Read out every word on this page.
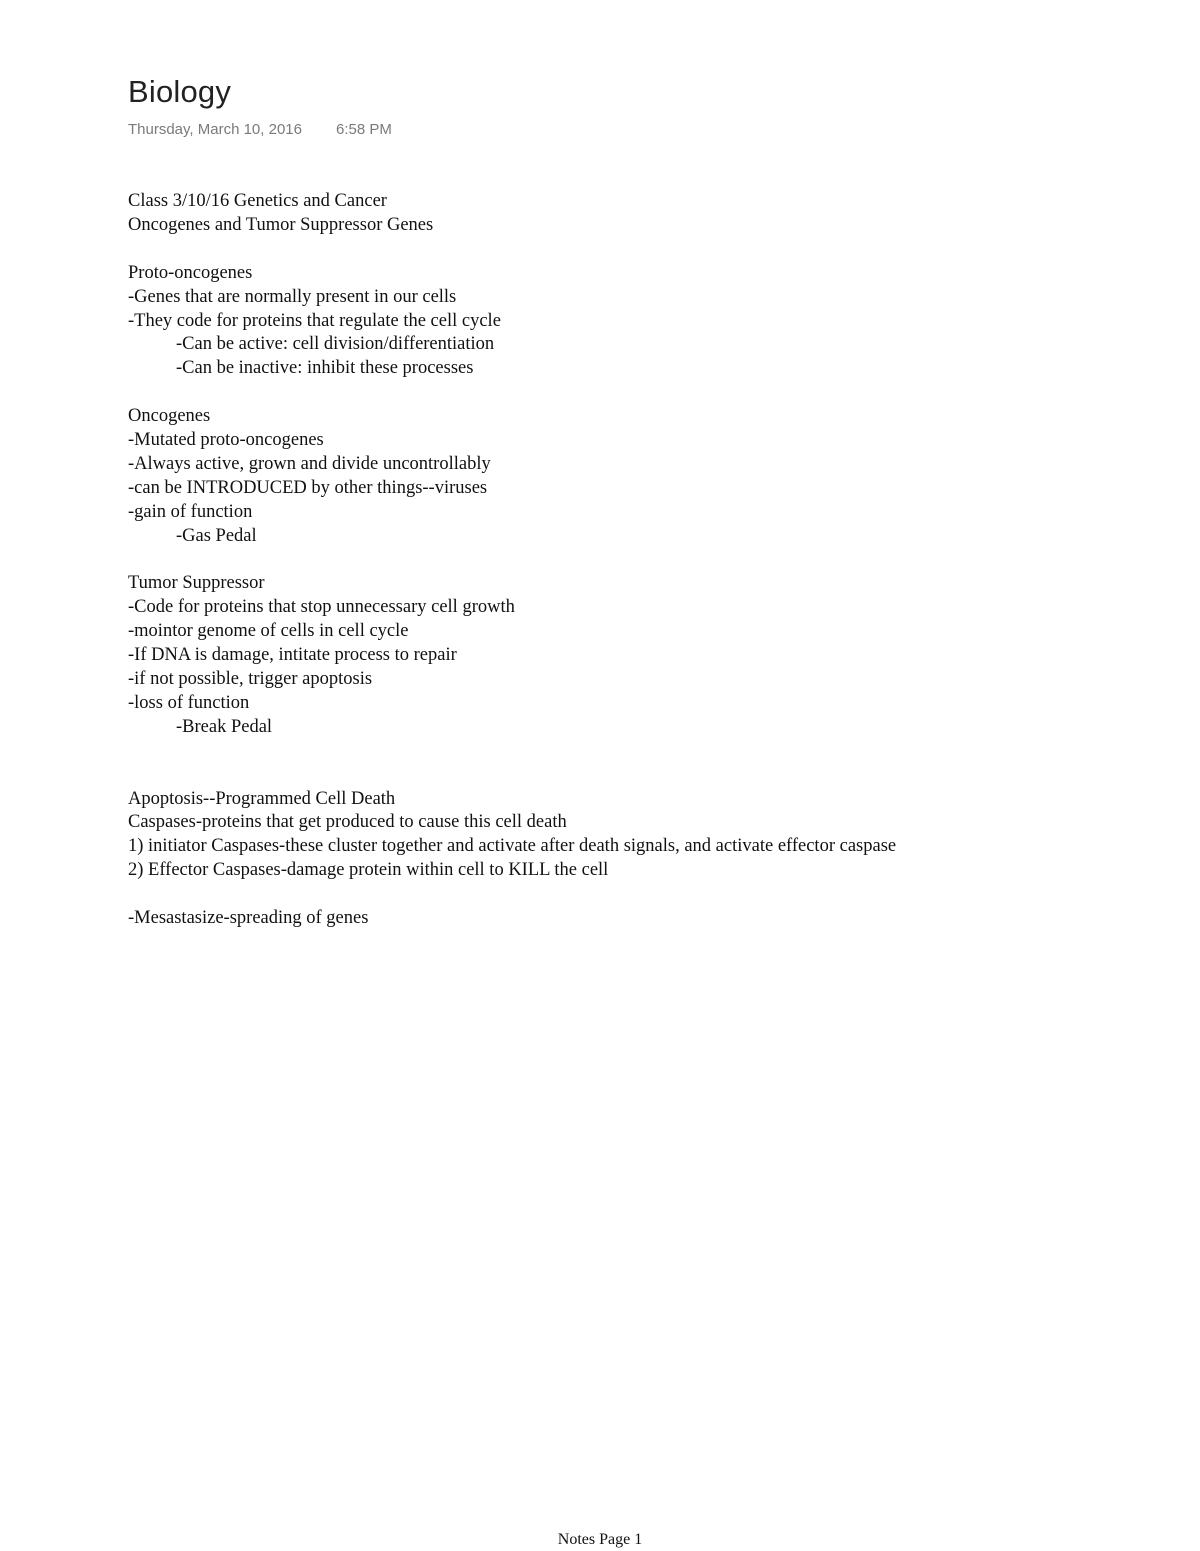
Biology
Thursday, March 10, 2016 6:58 PM
Class 3/10/16 Genetics and Cancer
Oncogenes and Tumor Suppressor Genes
Proto-oncogenes
-Genes that are normally present in our cells
-They code for proteins that regulate the cell cycle
-Can be active: cell division/differentiation
-Can be inactive: inhibit these processes
Oncogenes
-Mutated proto-oncogenes
-Always active, grown and divide uncontrollably
-can be INTRODUCED by other things--viruses
-gain of function
-Gas Pedal
Tumor Suppressor
-Code for proteins that stop unnecessary cell growth
-mointor genome of cells in cell cycle
-If DNA is damage, intitate process to repair
-if not possible, trigger apoptosis
-loss of function
-Break Pedal
Apoptosis--Programmed Cell Death
Caspases-proteins that get produced to cause this cell death
1) initiator Caspases-these cluster together and activate after death signals, and activate effector caspase
2) Effector Caspases-damage protein within cell to KILL the cell
-Mesastasize-spreading of genes
Notes Page 1
